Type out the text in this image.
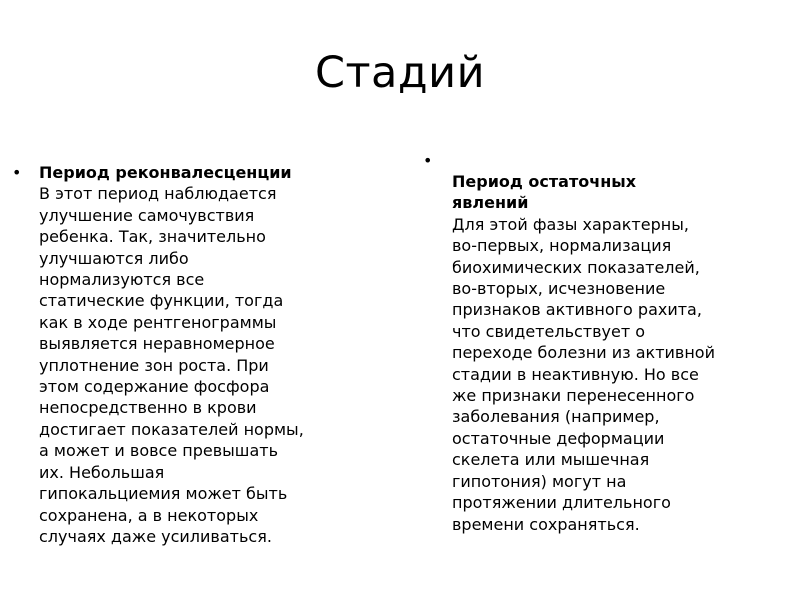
Стадий
• Период реконвалесценции
В этот период наблюдается
улучшение самочувствия
ребенка. Так, значительно
улучшаются либо
нормализуются все
статические функции, тогда
как в ходе рентгенограммы
выявляется неравномерное
уплотнение зон роста. При
этом содержание фосфора
непосредственно в крови
достигает показателей нормы,
а может и вовсе превышать
их. Небольшая
гипокальциемия может быть
сохранена, а в некоторых
случаях даже усиливаться.
•
Период остаточных
явлений
Для этой фазы характерны,
во-первых, нормализация
биохимических показателей,
во-вторых, исчезновение
признаков активного рахита,
что свидетельствует о
переходе болезни из активной
стадии в неактивную. Но все
же признаки перенесенного
заболевания (например,
остаточные деформации
скелета или мышечная
гипотония) могут на
протяжении длительного
времени сохраняться.
